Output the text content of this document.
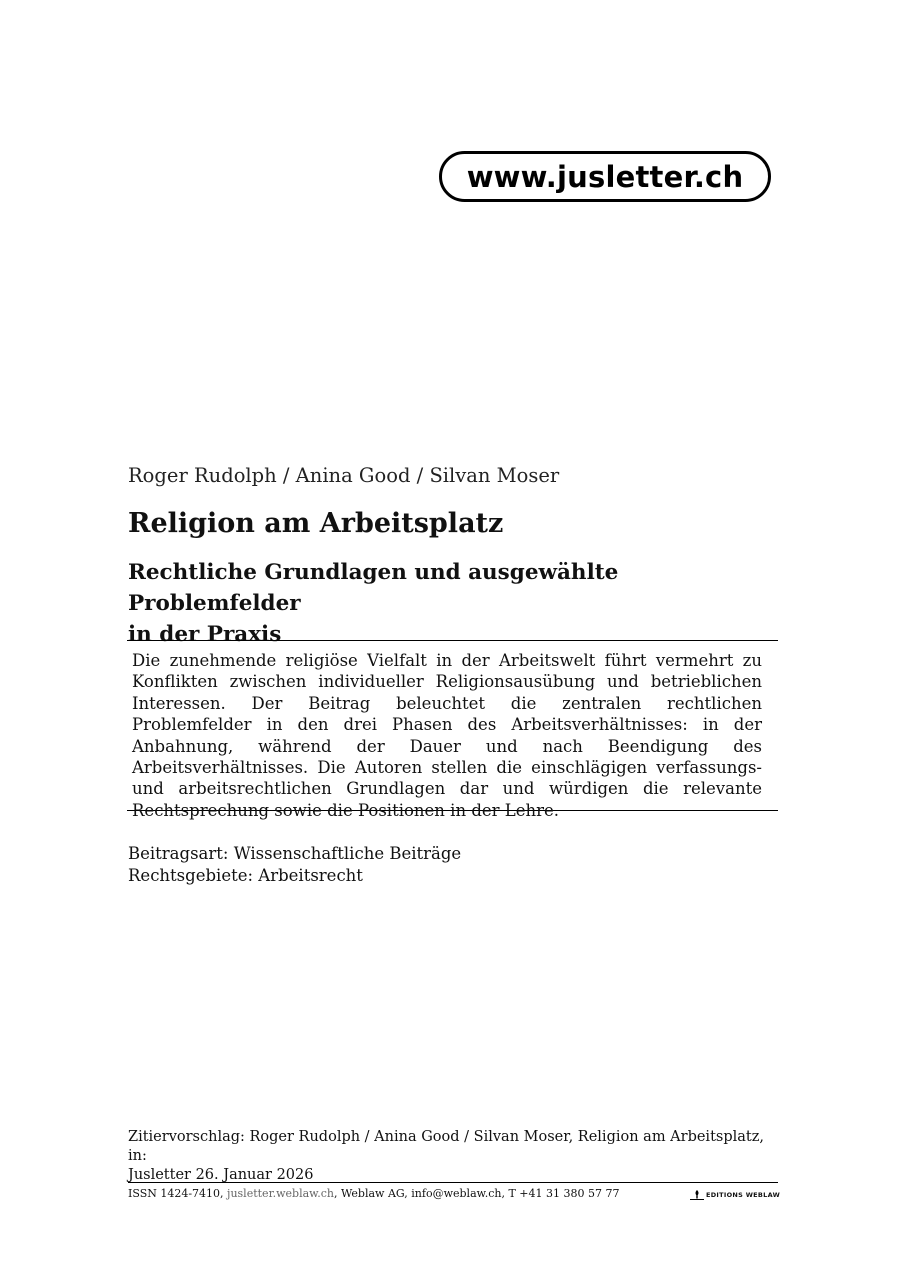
www.jusletter.ch
Roger Rudolph / Anina Good / Silvan Moser
Religion am Arbeitsplatz
Rechtliche Grundlagen und ausgewählte Problemfelder
in der Praxis
Die zunehmende religiöse Vielfalt in der Arbeitswelt führt vermehrt zu Konflikten zwischen individueller Religionsausübung und betrieblichen Interessen. Der Beitrag beleuchtet die zentralen rechtlichen Problemfelder in den drei Phasen des Arbeitsverhältnisses: in der Anbahnung, während der Dauer und nach Beendigung des Arbeitsverhältnisses. Die Autoren stellen die einschlägigen verfassungs- und arbeitsrechtlichen Grundlagen dar und würdigen die relevante Rechtsprechung sowie die Positionen in der Lehre.
Beitragsart: Wissenschaftliche Beiträge
Rechtsgebiete: Arbeitsrecht
Zitiervorschlag: Roger Rudolph / Anina Good / Silvan Moser, Religion am Arbeitsplatz, in:
Jusletter 26. Januar 2026
ISSN 1424-7410, jusletter.weblaw.ch, Weblaw AG, info@weblaw.ch, T +41 31 380 57 77	EDITIONS WEBLAW
